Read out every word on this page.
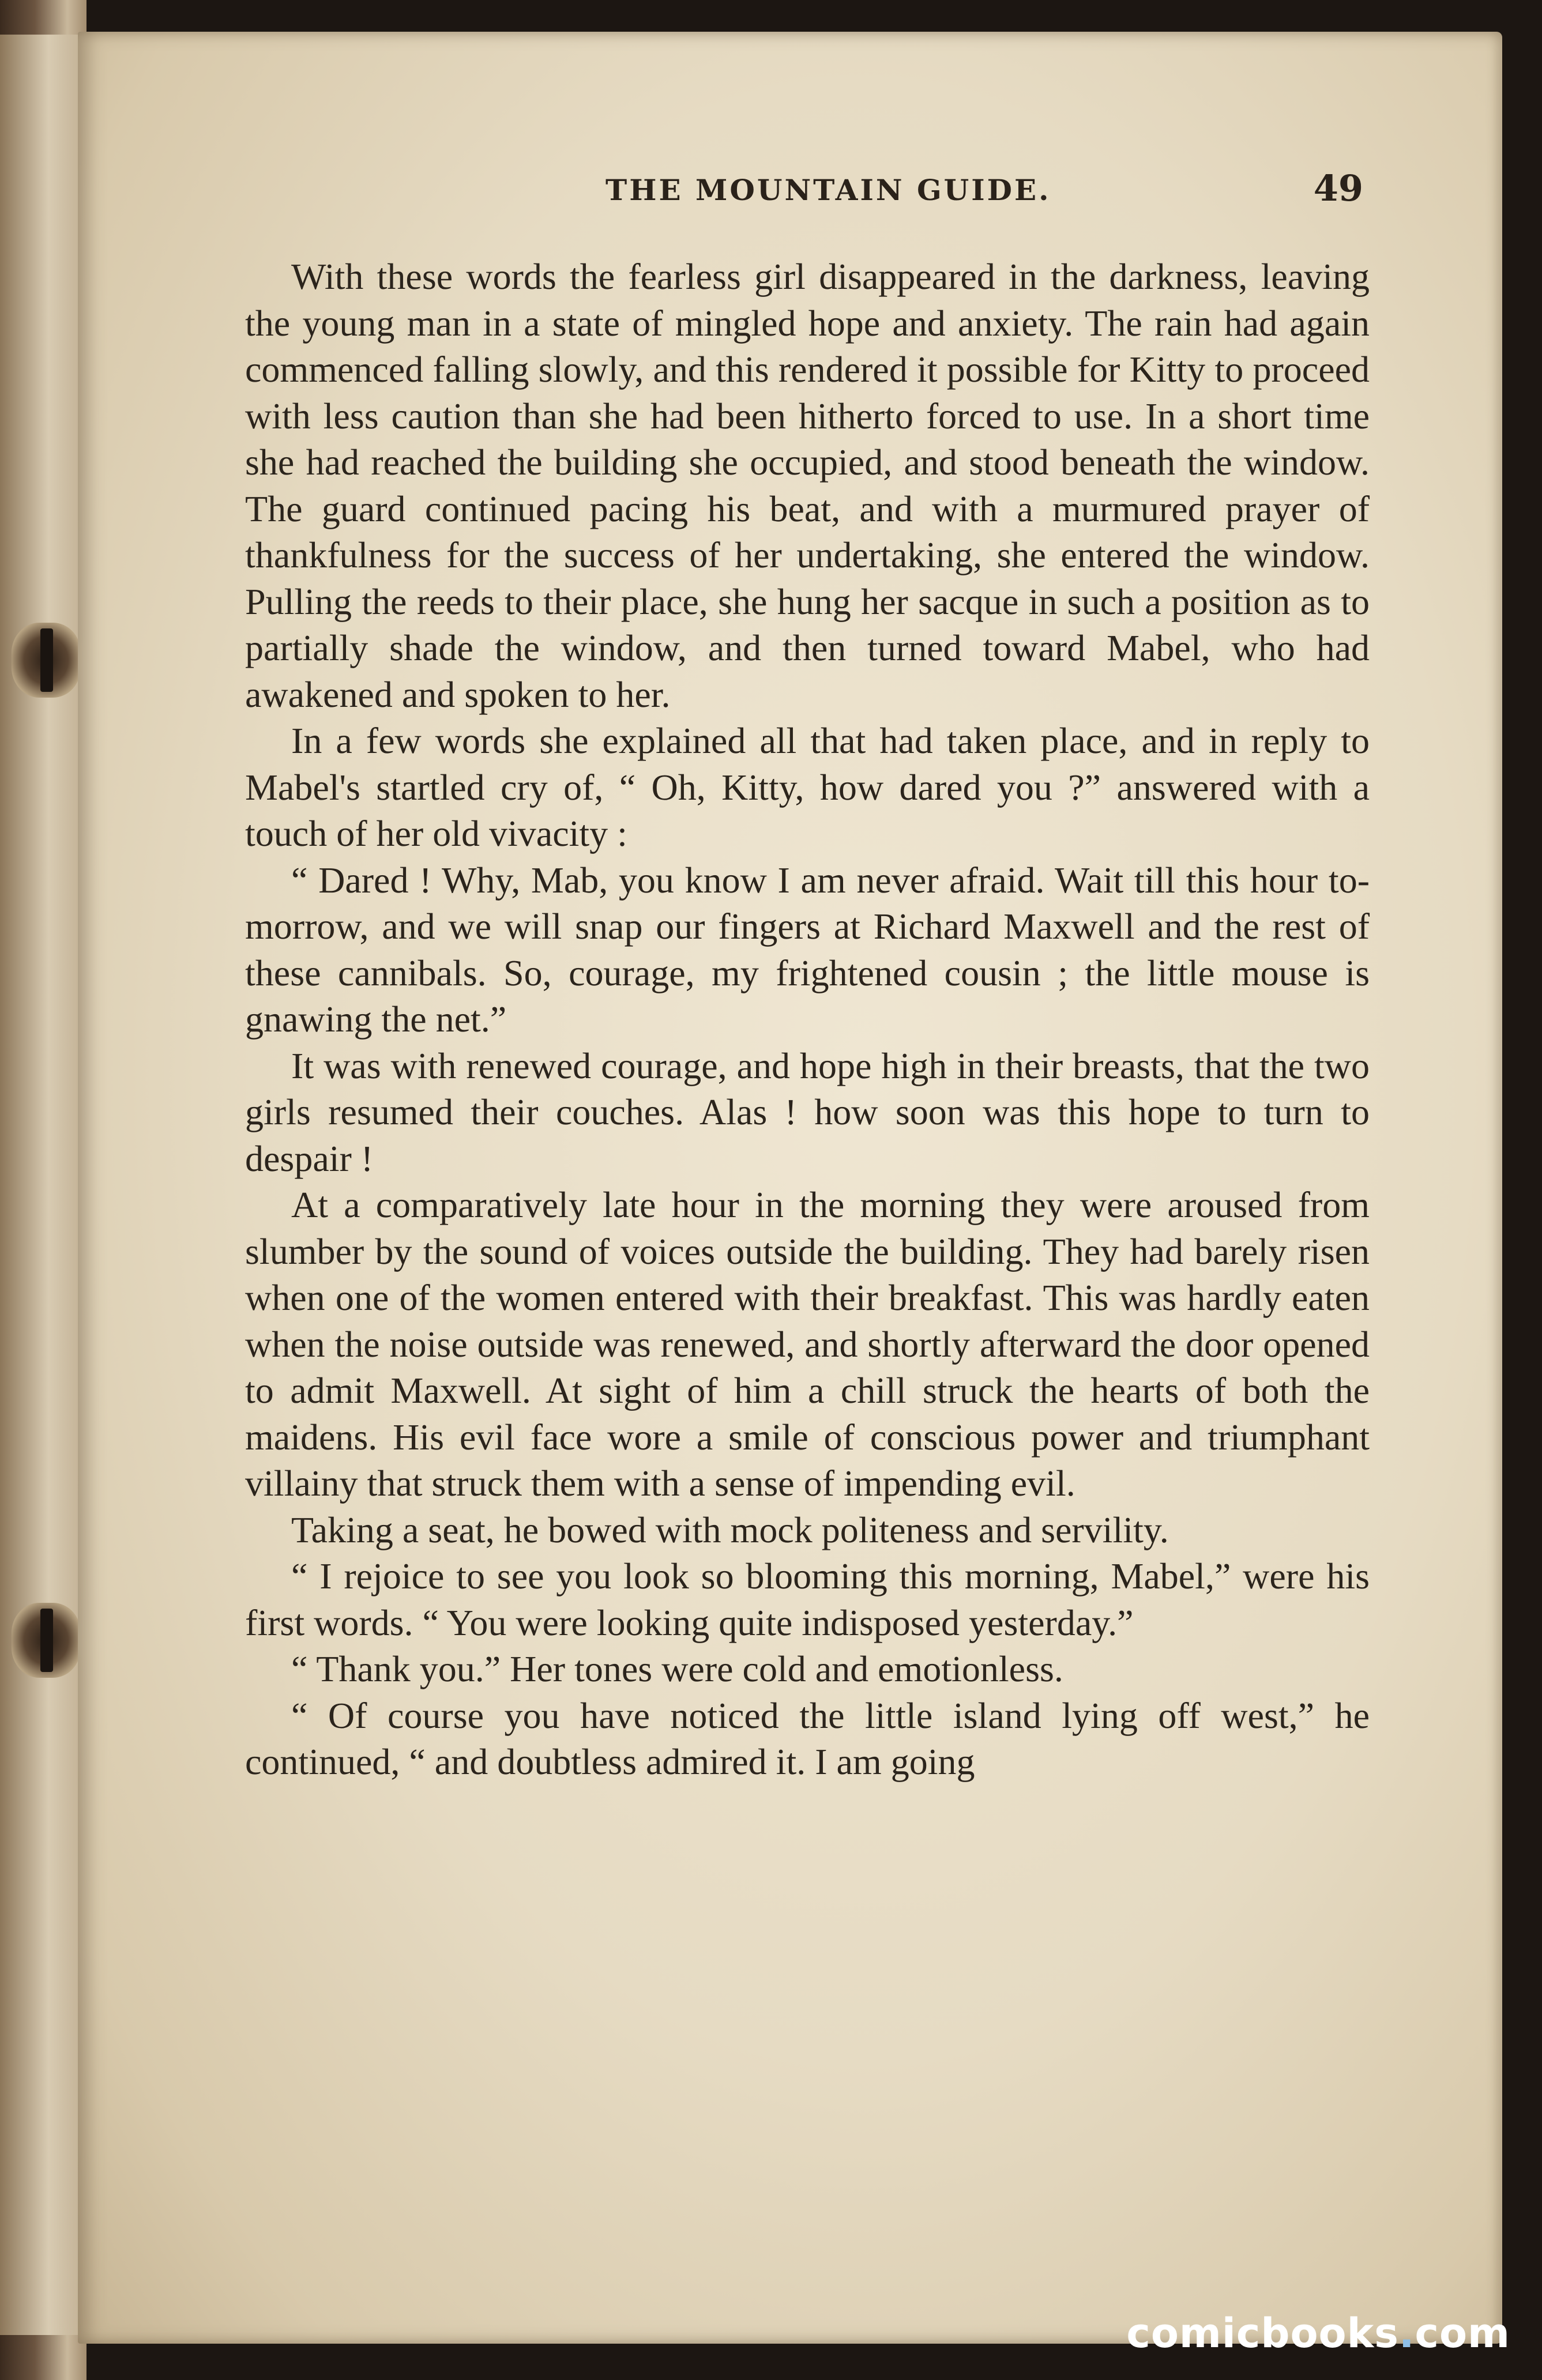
THE MOUNTAIN GUIDE.	49

With these words the fearless girl disappeared in the darkness, leaving the young man in a state of mingled hope and anxiety. The rain had again commenced falling slowly, and this rendered it possible for Kitty to proceed with less caution than she had been hitherto forced to use. In a short time she had reached the building she occupied, and stood beneath the window. The guard continued pacing his beat, and with a murmured prayer of thankfulness for the success of her undertaking, she entered the window. Pulling the reeds to their place, she hung her sacque in such a position as to partially shade the window, and then turned toward Mabel, who had awakened and spoken to her.

In a few words she explained all that had taken place, and in reply to Mabel's startled cry of, “ Oh, Kitty, how dared you ?” answered with a touch of her old vivacity :

“ Dared ! Why, Mab, you know I am never afraid. Wait till this hour to-morrow, and we will snap our fingers at Richard Maxwell and the rest of these cannibals. So, courage, my frightened cousin ; the little mouse is gnawing the net.”

It was with renewed courage, and hope high in their breasts, that the two girls resumed their couches. Alas ! how soon was this hope to turn to despair !

At a comparatively late hour in the morning they were aroused from slumber by the sound of voices outside the building. They had barely risen when one of the women entered with their breakfast. This was hardly eaten when the noise outside was renewed, and shortly afterward the door opened to admit Maxwell. At sight of him a chill struck the hearts of both the maidens. His evil face wore a smile of conscious power and triumphant villainy that struck them with a sense of impending evil.

Taking a seat, he bowed with mock politeness and servility.

“ I rejoice to see you look so blooming this morning, Mabel,” were his first words. “ You were looking quite indisposed yesterday.”

“ Thank you.” Her tones were cold and emotionless.

“ Of course you have noticed the little island lying off west,” he continued, “ and doubtless admired it. I am going

comicbooks.com
